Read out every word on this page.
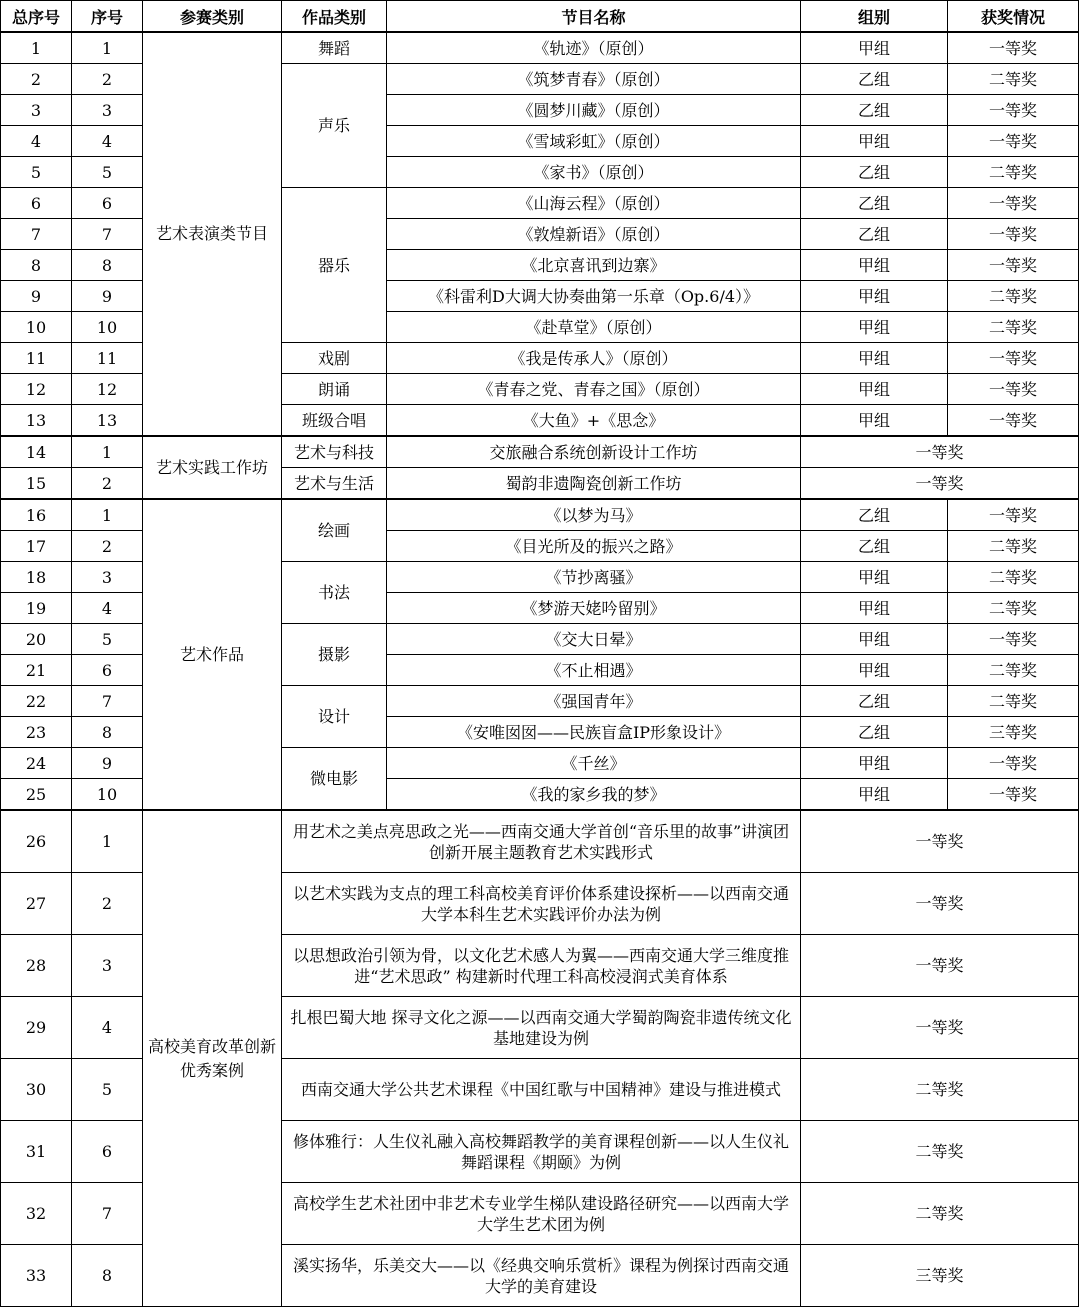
总序号	序号	参赛类别	作品类别	节目名称	组别	获奖情况
1	1	艺术表演类节目	舞蹈	《轨迹》（原创）	甲组	一等奖
2	2		声乐	《筑梦青春》（原创）	乙组	二等奖
3	3			《圆梦川藏》（原创）	乙组	一等奖
4	4			《雪域彩虹》（原创）	甲组	一等奖
5	5			《家书》（原创）	乙组	二等奖
6	6		器乐	《山海云程》（原创）	乙组	一等奖
7	7			《敦煌新语》（原创）	乙组	一等奖
8	8			《北京喜讯到边寨》	甲组	一等奖
9	9			《科雷利D大调大协奏曲第一乐章（Op.6/4）》	甲组	二等奖
10	10			《赴草堂》（原创）	甲组	二等奖
11	11		戏剧	《我是传承人》（原创）	甲组	一等奖
12	12		朗诵	《青春之党、青春之国》（原创）	甲组	一等奖
13	13		班级合唱	《大鱼》+《思念》	甲组	一等奖
14	1	艺术实践工作坊	艺术与科技	交旅融合系统创新设计工作坊	一等奖	
15	2		艺术与生活	蜀韵非遗陶瓷创新工作坊	一等奖	
16	1	艺术作品	绘画	《以梦为马》	乙组	一等奖
17	2			《目光所及的振兴之路》	乙组	二等奖
18	3		书法	《节抄离骚》	甲组	二等奖
19	4			《梦游天姥吟留别》	甲组	二等奖
20	5		摄影	《交大日晕》	甲组	一等奖
21	6			《不止相遇》	甲组	二等奖
22	7		设计	《强国青年》	乙组	二等奖
23	8			《安唯囡囡——民族盲盒IP形象设计》	乙组	三等奖
24	9		微电影	《千丝》	甲组	一等奖
25	10			《我的家乡我的梦》	甲组	一等奖
26	1	高校美育改革创新优秀案例	用艺术之美点亮思政之光——西南交通大学首创“音乐里的故事”讲演团 创新开展主题教育艺术实践形式		一等奖	
27	2		以艺术实践为支点的理工科高校美育评价体系建设探析——以西南交通大学本科生艺术实践评价办法为例		一等奖	
28	3		以思想政治引领为骨，以文化艺术感人为翼——西南交通大学三维度推进“艺术思政” 构建新时代理工科高校浸润式美育体系		一等奖	
29	4		扎根巴蜀大地 探寻文化之源——以西南交通大学蜀韵陶瓷非遗传统文化基地建设为例		一等奖	
30	5		西南交通大学公共艺术课程《中国红歌与中国精神》建设与推进模式		二等奖	
31	6		修体雅行：人生仪礼融入高校舞蹈教学的美育课程创新——以人生仪礼舞蹈课程《期颐》为例		二等奖	
32	7		高校学生艺术社团中非艺术专业学生梯队建设路径研究——以西南大学大学生艺术团为例		二等奖	
33	8		溪实扬华，乐美交大——以《经典交响乐赏析》课程为例探讨西南交通大学的美育建设		三等奖	
